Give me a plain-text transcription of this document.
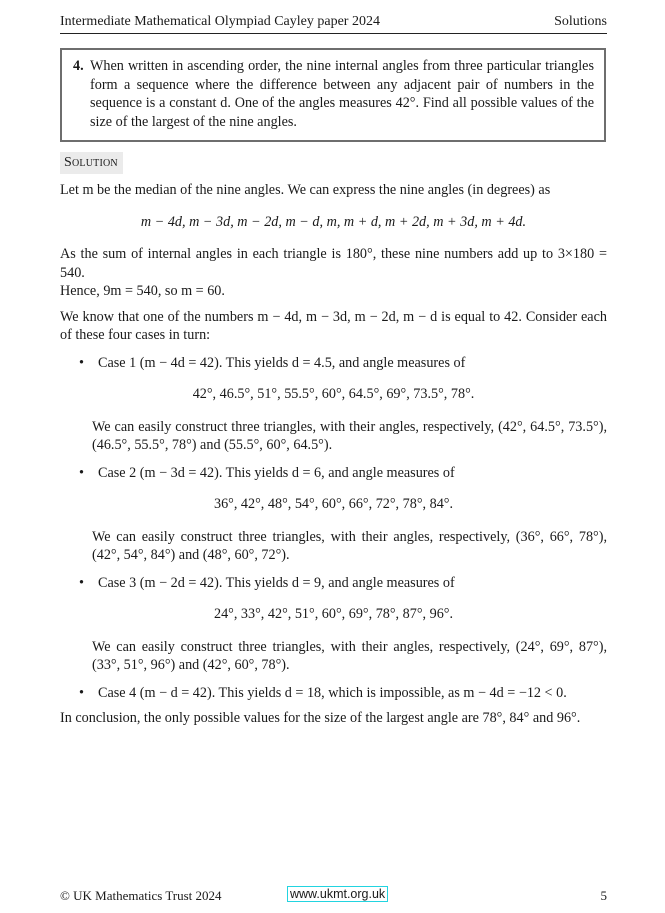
Intermediate Mathematical Olympiad Cayley paper 2024	Solutions
4. When written in ascending order, the nine internal angles from three particular triangles form a sequence where the difference between any adjacent pair of numbers in the sequence is a constant d. One of the angles measures 42°. Find all possible values of the size of the largest of the nine angles.
Solution
Let m be the median of the nine angles. We can express the nine angles (in degrees) as
m − 4d, m − 3d, m − 2d, m − d, m, m + d, m + 2d, m + 3d, m + 4d.
As the sum of internal angles in each triangle is 180°, these nine numbers add up to 3×180 = 540.
Hence, 9m = 540, so m = 60.
We know that one of the numbers m − 4d, m − 3d, m − 2d, m − d is equal to 42. Consider each of these four cases in turn:
• Case 1 (m − 4d = 42). This yields d = 4.5, and angle measures of
42°, 46.5°, 51°, 55.5°, 60°, 64.5°, 69°, 73.5°, 78°.
We can easily construct three triangles, with their angles, respectively, (42°, 64.5°, 73.5°), (46.5°, 55.5°, 78°) and (55.5°, 60°, 64.5°).
• Case 2 (m − 3d = 42). This yields d = 6, and angle measures of
36°, 42°, 48°, 54°, 60°, 66°, 72°, 78°, 84°.
We can easily construct three triangles, with their angles, respectively, (36°, 66°, 78°), (42°, 54°, 84°) and (48°, 60°, 72°).
• Case 3 (m − 2d = 42). This yields d = 9, and angle measures of
24°, 33°, 42°, 51°, 60°, 69°, 78°, 87°, 96°.
We can easily construct three triangles, with their angles, respectively, (24°, 69°, 87°), (33°, 51°, 96°) and (42°, 60°, 78°).
• Case 4 (m − d = 42). This yields d = 18, which is impossible, as m − 4d = −12 < 0.
In conclusion, the only possible values for the size of the largest angle are 78°, 84° and 96°.
© UK Mathematics Trust 2024	www.ukmt.org.uk	5
